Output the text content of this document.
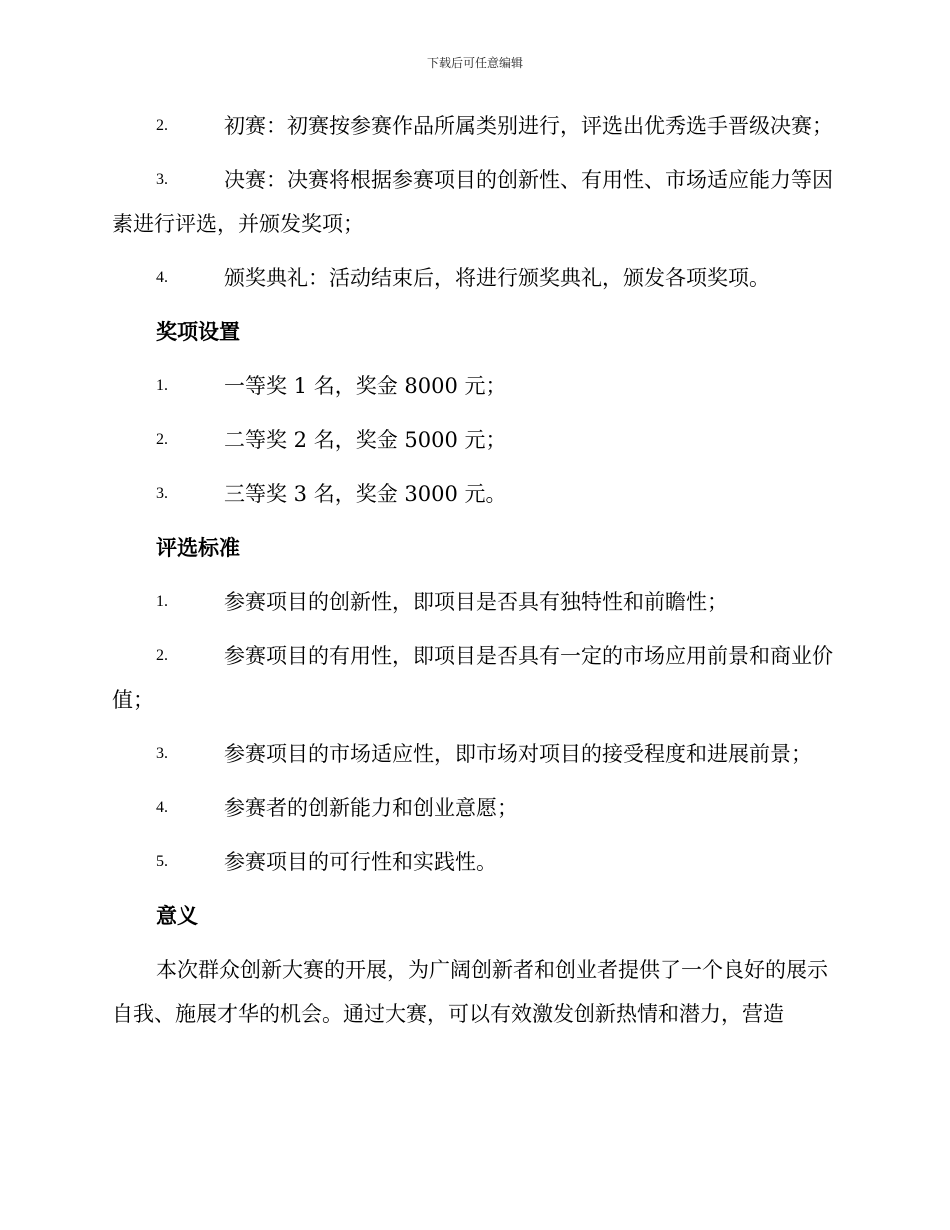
下载后可任意编辑
2.	初赛：初赛按参赛作品所属类别进行，评选出优秀选手晋级决赛；
3.	决赛：决赛将根据参赛项目的创新性、有用性、市场适应能力等因素进行评选，并颁发奖项；
4.	颁奖典礼：活动结束后，将进行颁奖典礼，颁发各项奖项。
奖项设置
1.	一等奖 1 名，奖金 8000 元；
2.	二等奖 2 名，奖金 5000 元；
3.	三等奖 3 名，奖金 3000 元。
评选标准
1.	参赛项目的创新性，即项目是否具有独特性和前瞻性；
2.	参赛项目的有用性，即项目是否具有一定的市场应用前景和商业价值；
3.	参赛项目的市场适应性，即市场对项目的接受程度和进展前景；
4.	参赛者的创新能力和创业意愿；
5.	参赛项目的可行性和实践性。
意义

本次群众创新大赛的开展，为广阔创新者和创业者提供了一个良好的展示自我、施展才华的机会。通过大赛，可以有效激发创新热情和潜力，营造
